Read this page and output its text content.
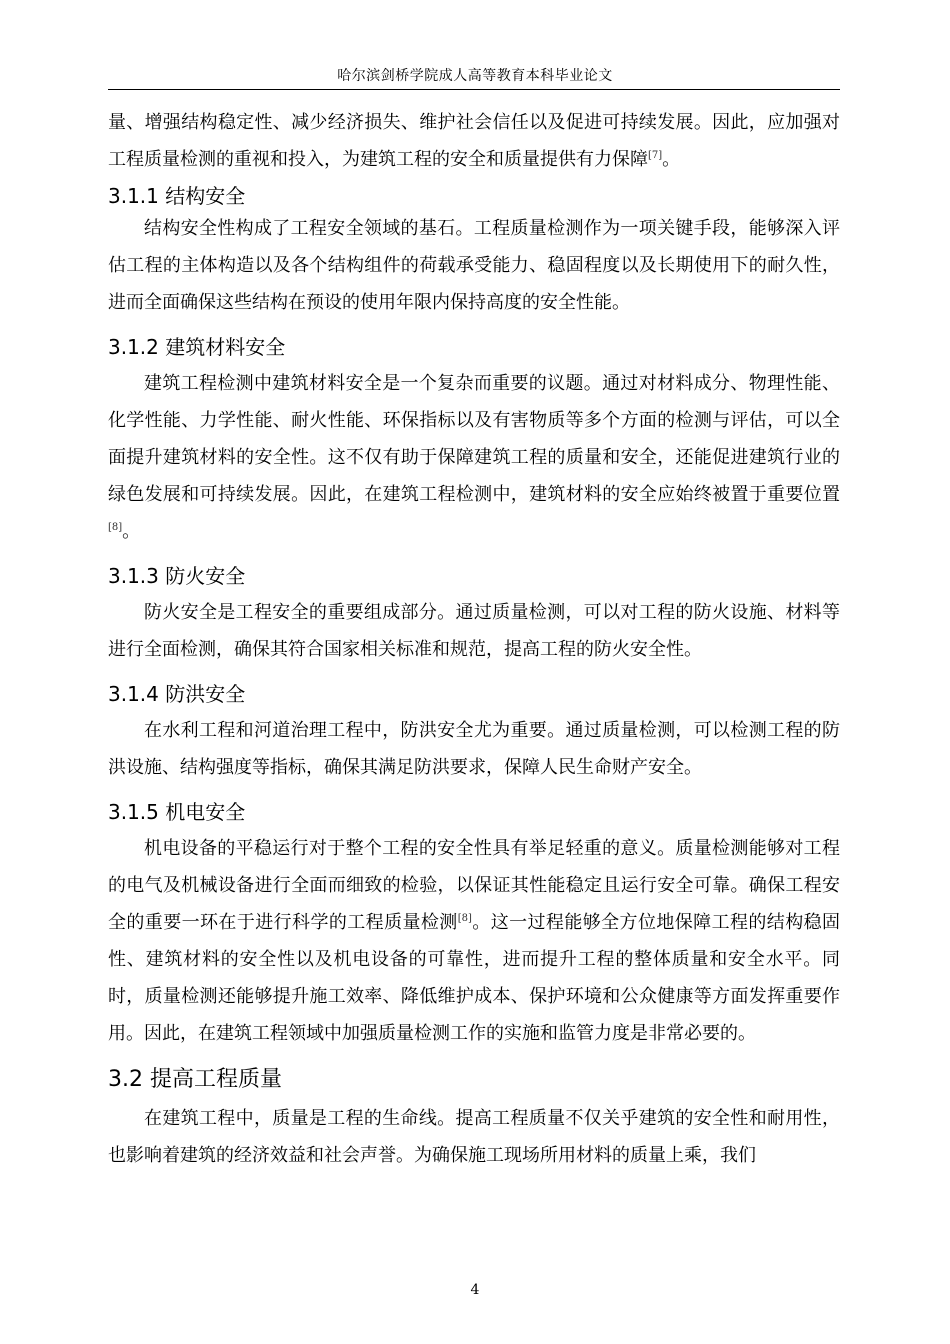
哈尔滨剑桥学院成人高等教育本科毕业论文

量、增强结构稳定性、减少经济损失、维护社会信任以及促进可持续发展。因此，应加强对工程质量检测的重视和投入，为建筑工程的安全和质量提供有力保障[7]。

3.1.1 结构安全

结构安全性构成了工程安全领域的基石。工程质量检测作为一项关键手段，能够深入评估工程的主体构造以及各个结构组件的荷载承受能力、稳固程度以及长期使用下的耐久性，进而全面确保这些结构在预设的使用年限内保持高度的安全性能。

3.1.2 建筑材料安全

建筑工程检测中建筑材料安全是一个复杂而重要的议题。通过对材料成分、物理性能、化学性能、力学性能、耐火性能、环保指标以及有害物质等多个方面的检测与评估，可以全面提升建筑材料的安全性。这不仅有助于保障建筑工程的质量和安全，还能促进建筑行业的绿色发展和可持续发展。因此，在建筑工程检测中，建筑材料的安全应始终被置于重要位置[8]。

3.1.3 防火安全

防火安全是工程安全的重要组成部分。通过质量检测，可以对工程的防火设施、材料等进行全面检测，确保其符合国家相关标准和规范，提高工程的防火安全性。

3.1.4 防洪安全

在水利工程和河道治理工程中，防洪安全尤为重要。通过质量检测，可以检测工程的防洪设施、结构强度等指标，确保其满足防洪要求，保障人民生命财产安全。

3.1.5 机电安全

机电设备的平稳运行对于整个工程的安全性具有举足轻重的意义。质量检测能够对工程的电气及机械设备进行全面而细致的检验，以保证其性能稳定且运行安全可靠。确保工程安全的重要一环在于进行科学的工程质量检测[8]。这一过程能够全方位地保障工程的结构稳固性、建筑材料的安全性以及机电设备的可靠性，进而提升工程的整体质量和安全水平。同时，质量检测还能够提升施工效率、降低维护成本、保护环境和公众健康等方面发挥重要作用。因此，在建筑工程领域中加强质量检测工作的实施和监管力度是非常必要的。

3.2 提高工程质量

在建筑工程中，质量是工程的生命线。提高工程质量不仅关乎建筑的安全性和耐用性，也影响着建筑的经济效益和社会声誉。为确保施工现场所用材料的质量上乘，我们

4
